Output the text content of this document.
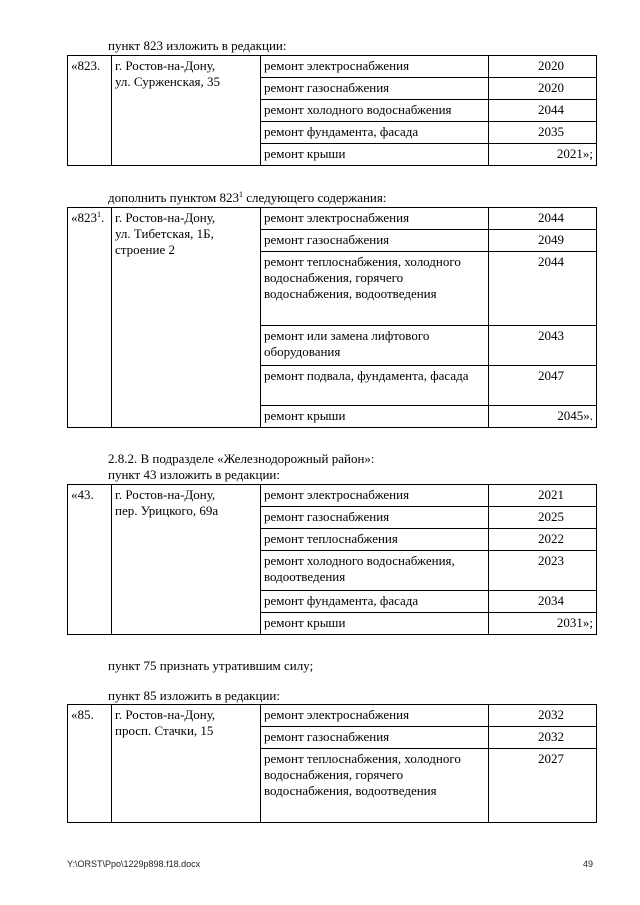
пункт 823 изложить в редакции:
«823.	г. Ростов-на-Дону,
ул. Сурженская, 35	ремонт электроснабжения	2020
		ремонт газоснабжения	2020
		ремонт холодного водоснабжения	2044
		ремонт фундамента, фасада	2035
		ремонт крыши	2021»;
дополнить пунктом $823^1$ следующего содержания:
«$823^1$.	г. Ростов-на-Дону,
ул. Тибетская, 1Б,
строение 2	ремонт электроснабжения	2044
		ремонт газоснабжения	2049
		ремонт теплоснабжения, холодного водоснабжения, горячего водоснабжения, водоотведения	2044
		ремонт или замена лифтового оборудования	2043
		ремонт подвала, фундамента, фасада	2047
		ремонт крыши	2045».
2.8.2. В подразделе «Железнодорожный район»:
пункт 43 изложить в редакции:
«43.	г. Ростов-на-Дону,
пер. Урицкого, 69а	ремонт электроснабжения	2021
		ремонт газоснабжения	2025
		ремонт теплоснабжения	2022
		ремонт холодного водоснабжения, водоотведения	2023
		ремонт фундамента, фасада	2034
		ремонт крыши	2031»;
пункт 75 признать утратившим силу;
пункт 85 изложить в редакции:
«85.	г. Ростов-на-Дону,
просп. Стачки, 15	ремонт электроснабжения	2032
		ремонт газоснабжения	2032
		ремонт теплоснабжения, холодного водоснабжения, горячего водоснабжения, водоотведения	2027
Y:\ORST\Ppo\1229p898.f18.docx	49
